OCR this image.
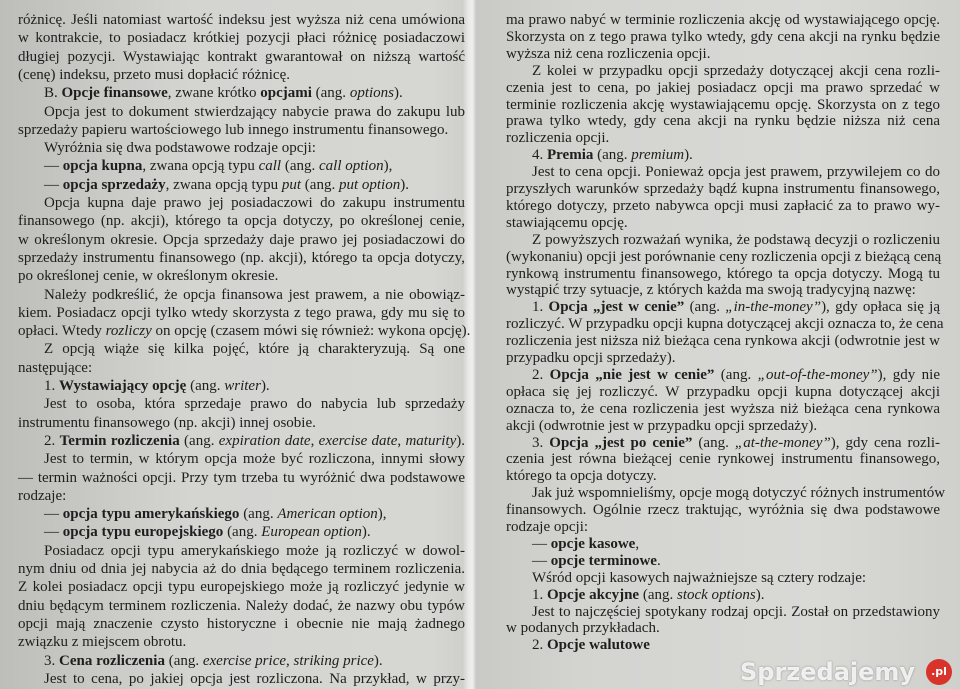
różnicę. Jeśli natomiast wartość indeksu jest wyższa niż cena umówiona
w kontrakcie, to posiadacz krótkiej pozycji płaci różnicę posiadaczowi
długiej pozycji. Wystawiając kontrakt gwarantował on niższą wartość
(cenę) indeksu, przeto musi dopłacić różnicę.
B. Opcje finansowe, zwane krótko opcjami (ang. options).
Opcja jest to dokument stwierdzający nabycie prawa do zakupu lub
sprzedaży papieru wartościowego lub innego instrumentu finansowego.
Wyróżnia się dwa podstawowe rodzaje opcji:
— opcja kupna, zwana opcją typu call (ang. call option),
— opcja sprzedaży, zwana opcją typu put (ang. put option).
Opcja kupna daje prawo jej posiadaczowi do zakupu instrumentu
finansowego (np. akcji), którego ta opcja dotyczy, po określonej cenie,
w określonym okresie. Opcja sprzedaży daje prawo jej posiadaczowi do
sprzedaży instrumentu finansowego (np. akcji), którego ta opcja dotyczy,
po określonej cenie, w określonym okresie.
Należy podkreślić, że opcja finansowa jest prawem, a nie obowiąz-
kiem. Posiadacz opcji tylko wtedy skorzysta z tego prawa, gdy mu się to
opłaci. Wtedy rozliczy on opcję (czasem mówi się również: wykona opcję).
Z opcją wiąże się kilka pojęć, które ją charakteryzują. Są one
następujące:
1. Wystawiający opcję (ang. writer).
Jest to osoba, która sprzedaje prawo do nabycia lub sprzedaży
instrumentu finansowego (np. akcji) innej osobie.
2. Termin rozliczenia (ang. expiration date, exercise date, maturity).
Jest to termin, w którym opcja może być rozliczona, innymi słowy
— termin ważności opcji. Przy tym trzeba tu wyróżnić dwa podstawowe
rodzaje:
— opcja typu amerykańskiego (ang. American option),
— opcja typu europejskiego (ang. European option).
Posiadacz opcji typu amerykańskiego może ją rozliczyć w dowol-
nym dniu od dnia jej nabycia aż do dnia będącego terminem rozliczenia.
Z kolei posiadacz opcji typu europejskiego może ją rozliczyć jedynie w
dniu będącym terminem rozliczenia. Należy dodać, że nazwy obu typów
opcji mają znaczenie czysto historyczne i obecnie nie mają żadnego
związku z miejscem obrotu.
3. Cena rozliczenia (ang. exercise price, striking price).
Jest to cena, po jakiej opcja jest rozliczona. Na przykład, w przy-
ma prawo nabyć w terminie rozliczenia akcję od wystawiającego opcję.
Skorzysta on z tego prawa tylko wtedy, gdy cena akcji na rynku będzie
wyższa niż cena rozliczenia opcji.
Z kolei w przypadku opcji sprzedaży dotyczącej akcji cena rozli-
czenia jest to cena, po jakiej posiadacz opcji ma prawo sprzedać w
terminie rozliczenia akcję wystawiającemu opcję. Skorzysta on z tego
prawa tylko wtedy, gdy cena akcji na rynku będzie niższa niż cena
rozliczenia opcji.
4. Premia (ang. premium).
Jest to cena opcji. Ponieważ opcja jest prawem, przywilejem co do
przyszłych warunków sprzedaży bądź kupna instrumentu finansowego,
którego dotyczy, przeto nabywca opcji musi zapłacić za to prawo wy-
stawiającemu opcję.
Z powyższych rozważań wynika, że podstawą decyzji o rozliczeniu
(wykonaniu) opcji jest porównanie ceny rozliczenia opcji z bieżącą ceną
rynkową instrumentu finansowego, którego ta opcja dotyczy. Mogą tu
wystąpić trzy sytuacje, z których każda ma swoją tradycyjną nazwę:
1. Opcja „jest w cenie” (ang. „in-the-money”), gdy opłaca się ją
rozliczyć. W przypadku opcji kupna dotyczącej akcji oznacza to, że cena
rozliczenia jest niższa niż bieżąca cena rynkowa akcji (odwrotnie jest w
przypadku opcji sprzedaży).
2. Opcja „nie jest w cenie” (ang. „out-of-the-money”), gdy nie
opłaca się jej rozliczyć. W przypadku opcji kupna dotyczącej akcji
oznacza to, że cena rozliczenia jest wyższa niż bieżąca cena rynkowa
akcji (odwrotnie jest w przypadku opcji sprzedaży).
3. Opcja „jest po cenie” (ang. „at-the-money”), gdy cena rozli-
czenia jest równa bieżącej cenie rynkowej instrumentu finansowego,
którego ta opcja dotyczy.
Jak już wspomnieliśmy, opcje mogą dotyczyć różnych instrumentów
finansowych. Ogólnie rzecz traktując, wyróżnia się dwa podstawowe
rodzaje opcji:
— opcje kasowe,
— opcje terminowe.
Wśród opcji kasowych najważniejsze są cztery rodzaje:
1. Opcje akcyjne (ang. stock options).
Jest to najczęściej spotykany rodzaj opcji. Został on przedstawiony
w podanych przykładach.
2. Opcje walutowe
Sprzedajemy	.pl
